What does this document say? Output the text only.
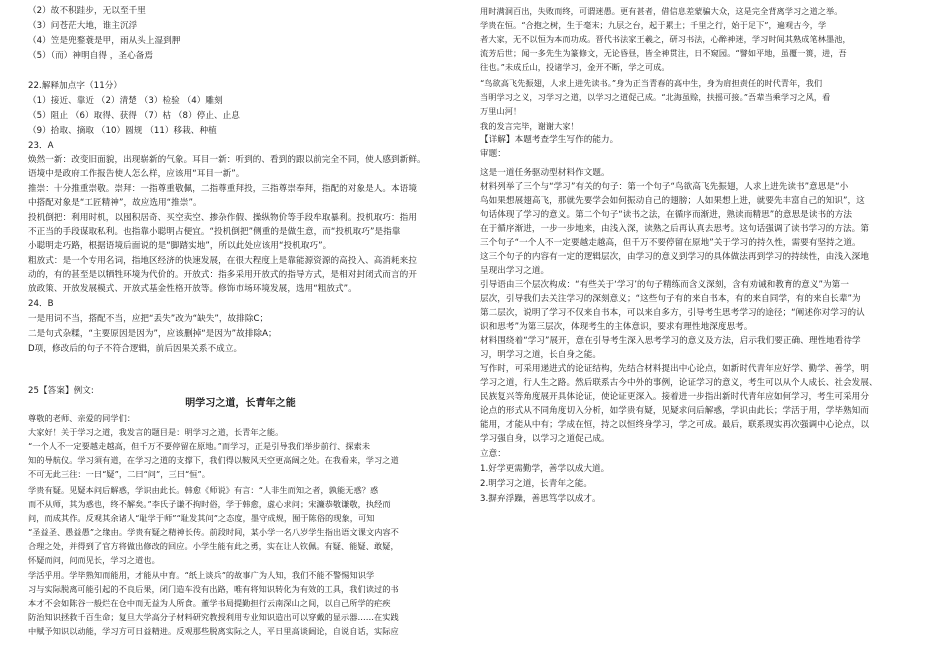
（2）故不积跬步，无以至千里
（3）问苍茫大地，谁主沉浮
（4）笠是兜鍪蓑是甲，雨从头上湿到胛
（5）（而）神明自得 ，圣心备焉
22.解释加点字（11分）
（1）接近、靠近 （2）清楚 （3）检验 （4）雕刻
（5）阻止 （6）取得、获得 （7）枯 （8）停止、止息
（9）拾取、摘取 （10）圆规 （11）移栽、种植
23．A
焕然一新：改变旧面貌，出现崭新的气象。耳目一新：听到的、看到的跟以前完全不同，使人感到新鲜。
语境中是政府工作报告使人怎么样，应该用“耳目一新”。
推崇：十分推重崇敬。崇拜：一指尊重敬佩，二指尊重拜投，三指尊崇奉拜，指配的对象是人。本语境
中搭配对象是“工匠精神”，故应选用“推崇”。
投机倒把：利用时机，以囤积居奇、买空卖空、掺杂作假、操纵物价等手段牟取暴利。投机取巧：指用
不正当的手段谋取私利。也指靠小聪明占便宜。“投机倒把”侧重的是做生意，而“投机取巧”是指靠
小聪明走巧路，根据语境后面说的是“脚踏实地”，所以此处应该用“投机取巧”。
粗放式：是一个专用名词，指地区经济的快速发展，在很大程度上是靠能源资源的高投入、高消耗来拉
动的，有的甚至是以牺牲环境为代价的。开放式：指多采用开放式的指导方式，是相对封闭式而言的开
放政策、开放发展模式、开放式基金性格开放等。修饰市场环境发展，选用“粗放式”。
24．B
一是用词不当，搭配不当，应把“丢失”改为“缺失”，故排除C；
二是句式杂糅，“主要原因是因为”，应该删掉“是因为”故排除A；
D项，修改后的句子不符合逻辑，前后因果关系不成立。
25【答案】例文:
明学习之道，长青年之能
尊敬的老师、亲爱的同学们：
大家好！关于学习之道，我发言的题目是：明学习之道，长青年之能。
“一个人不一定要越走越高，但千万不要停留在原地。”而学习，正是引导我们举步前行、探索未
知的导航仪。学习須有道，在学习之道的支撑下，我们得以鞍风天空更高阔之处。在我看来，学习之道
不可无此三往：一曰“疑”，二曰“问”，三曰“恒”。
学贵有疑。见疑本问后解惑，学识由此长。韩愈《师说》有言：“人非生而知之者，孰能无惑？惑
而不从师，其为惑也，终不解矣。”李氏子谦不拘时俗，学于韩愈，虚心求问；宋濂恭敬谦敬，执经而
问，而成其作。反观其余诸人“耻学于师”“耻发其问”之态度，墨守成规，囿于陈俗的现象，可知
“圣益圣、愚益愚”之缘由。学贵有疑之精神长传。前段时间，某小学一名八岁学生指出语文课文内容不
合理之处，并得到了官方将做出修改的回应。小学生能有此之勇，实在让人钦佩。有疑、能疑、敢疑，
怀疑而问，问而见长，学习之道也。
学活乎用。学毕熟知而能用，才能从中育。“纸上谈兵”的故事广为人知，我们不能不警惕知识学
习与实际脱离可能引起的不良后果，闭门造车没有出路，唯有将知识转化为有效的工具，我们读过的书
本才不会如陈谷一般烂在仓中而无益为人所食。董学书局提勤担行云南深山之间，以自己所学的疟疾
防治知识拯救千百生命；复旦大学高分子材料研究教授利用专业知识造出可以穿戴的显示器……在实践
中赋予知识以动能，学习方可日益精进。反观那些脱离实际之人，平日里高谈阔论，自说自话，实际应
用时满洞百出，失败而终，可谓迷愚。更有甚者，借信息差蒙骗大众，这是完全背离学习之道之举。
学贵在恒。“合抱之树，生于毫末；九层之台，起于累土；千里之行，始于足下”，遍观古今，学
者大家，无不以恒为本而功成。晋代书法家王羲之，研习书法，心醉神迷，学习时间其熟成笔林墨池，
流芳后世；闻一多先生为篆修文，无论昏昼，皆全神贯注，日不窥园。“譬如平地，虽覆一篑，进，吾
往也。”未成丘山，投诸学习，金开不断，学之可成。
“鸟欲高飞先振翅，人求上进先读书。”身为正当青春的高中生，身为肩担责任的时代青年，我们
当明学习之义，习学习之道，以学习之道促己成。“北海虽赊，扶摇可接。”吾辈当乘学习之风，看
万里山河！
我的发言完毕，谢谢大家！
【详解】本题考查学生写作的能力。
审题：
这是一道任务驱动型材料作文题。
材料列举了三个与“学习”有关的句子：第一个句子“鸟欲高飞先振翅，人求上进先读书”意思是“小
鸟如果想展翅高飞，那就先要学会如何振动自己的翅膀；人如果想上进，就要先丰富自己的知识”，这
句话体现了学习的意义。第二个句子“读书之法，在循序而渐进，熟读而精思”的意思是读书的方法
在于循序渐进，一步一步地来，由浅入深，读熟之后再认真去思考。这句话强调了读书学习的方法。第
三个句子“一个人不一定要越走越高，但千万不要停留在原地”关于学习的持久性，需要有坚持之道。
这三个句子的内容有一定的逻辑层次，由学习的意义到学习的具体做法再到学习的持续性，由浅入深地
呈现出学习之道。
引导语由三个层次构成：“有些关于‘学习’的句子精练而含义深刻，含有劝诫和教育的意义”为第一
层次，引导我们去关注学习的深刻意义；“这些句子有的来自书本，有的来自同学，有的来自长辈”为
第二层次，说明了学习不仅来自书本，可以来自多方，引导考生思考学习的途径；“阐述你对学习的认
识和思考”为第三层次，体现考生的主体意识，要求有理性地深度思考。
材料围绕着“学习”展开，意在引导考生深入思考学习的意义及方法，启示我们要正确、理性地看待学
习，明学习之道，长自身之能。
写作时，可采用递进式的论证结构，先结合材料提出中心论点，如新时代青年应好学、勤学、善学，明
学习之道，行人生之路。然后联系古今中外的事例，论证学习的意义，考生可以从个人成长、社会发展、
民族复兴等角度展开具体论证，使论证更深入。接着进一步指出新时代青年应如何学习，考生可采用分
论点的形式从不同角度切入分析，如学贵有疑，见疑求问后解惑，学识由此长；学活于用，学毕熟知而
能用，才能从中有；学成在恒，持之以恒终身学习，学之可成。最后，联系现实再次强调中心论点，以
学习强自身，以学习之道促己成。
立意：
1.好学更需勤学，善学以成大道。
2.明学习之道，长青年之能。
3.摒弃浮躁，善思笃学以成才。
